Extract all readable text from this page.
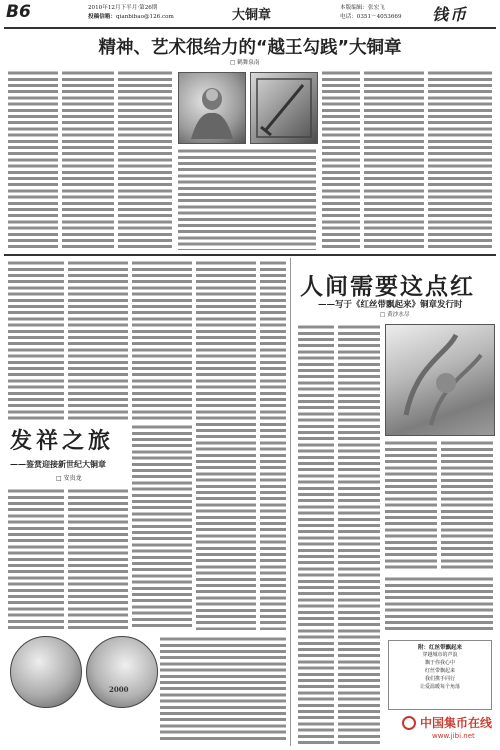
B6	2010年12月下半月·第26期
投稿信箱：qianbibao@126.com	大铜章	本版编辑：张宏飞
电话：0351－4053669 钱币
精神、艺术很给力的“越王勾践”大铜章
□ 鹤舞泉南

发祥之旅
——鉴赏迎接新世纪大铜章
□ 安贵龙
2000
人间需要这点红
——写于《红丝带飘起来》铜章发行时
□ 黄沙水尽

附：红丝带飘起来
穿越城市的声浪
飘于你我心中
红丝带飘起来
我们携手同行
让爱温暖每个角落
中国集币在线
www.jibi.net
